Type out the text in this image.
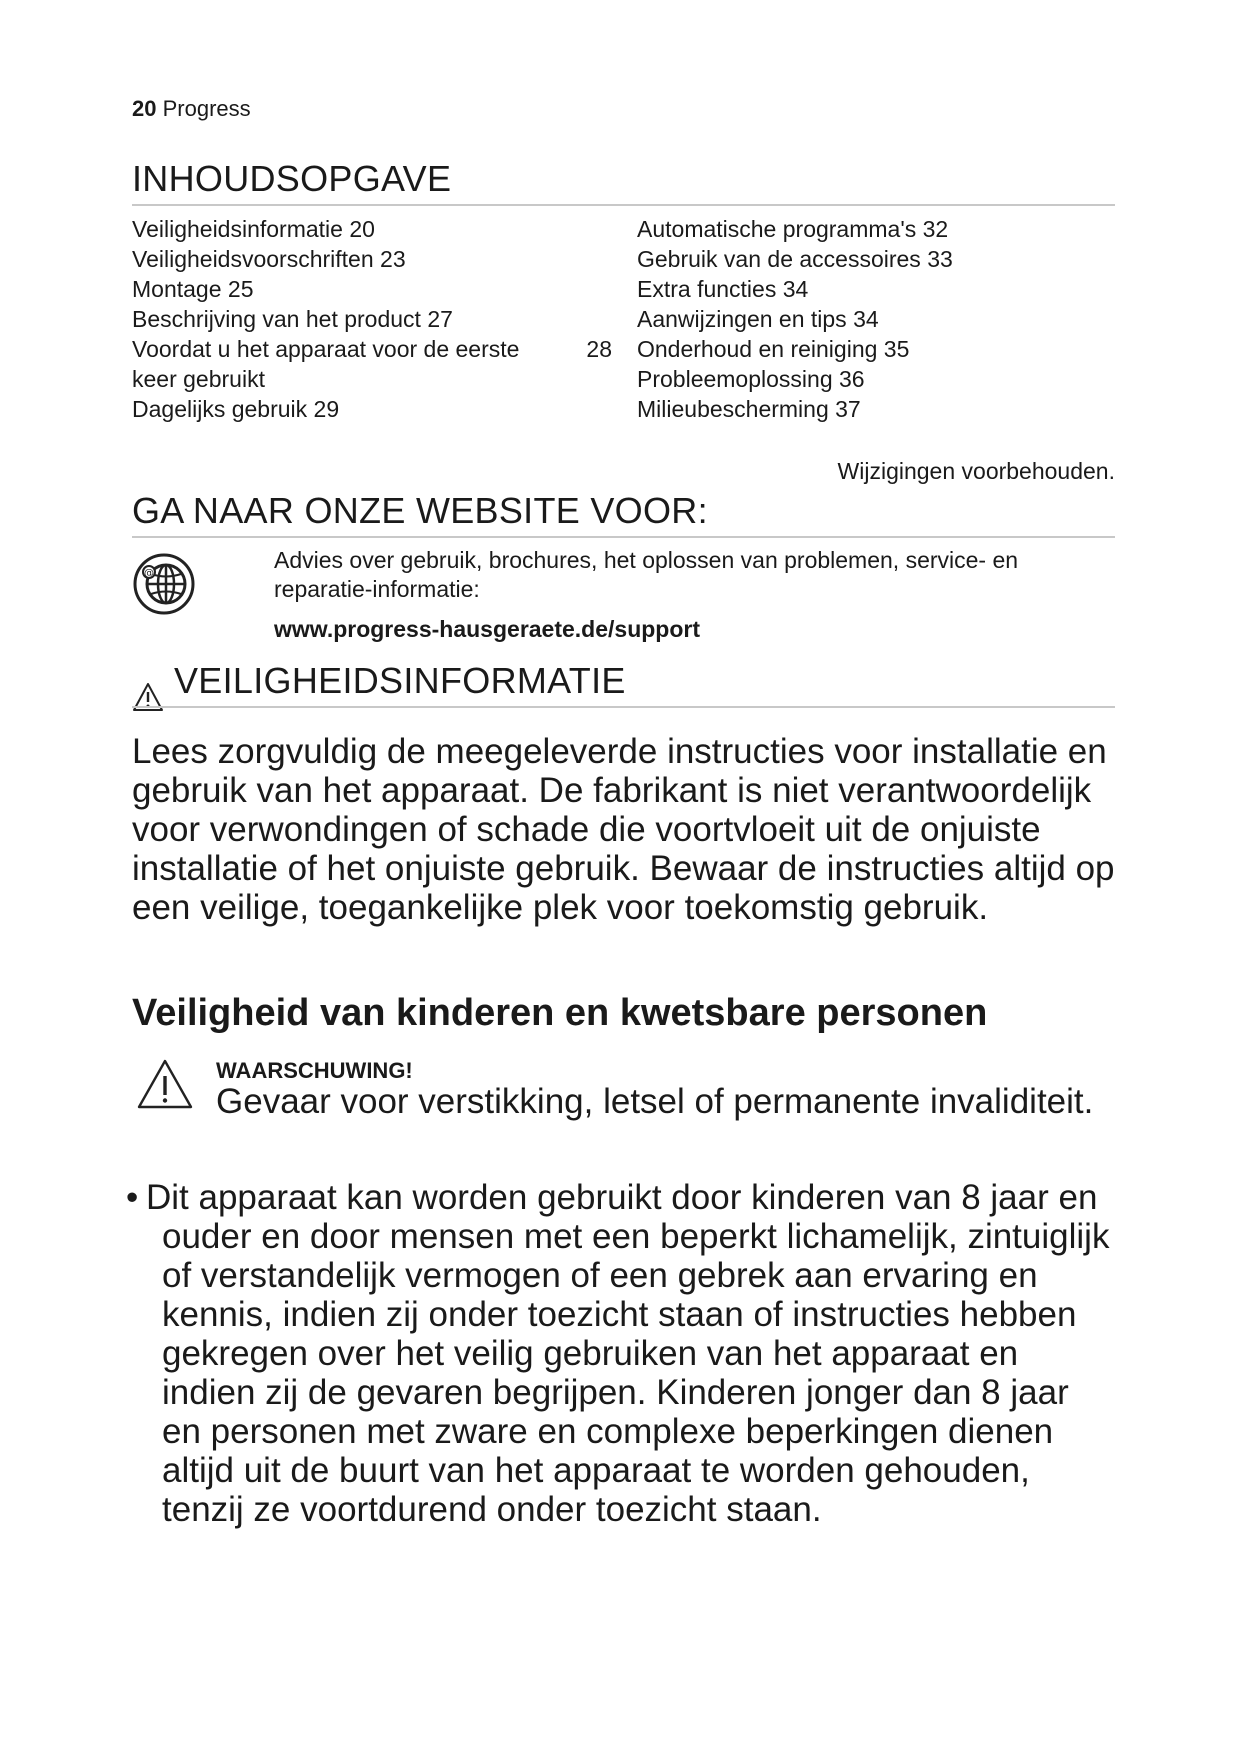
20 Progress
INHOUDSOPGAVE
Veiligheidsinformatie 20
Veiligheidsvoorschriften 23
Montage 25
Beschrijving van het product 27
Voordat u het apparaat voor de eerste keer gebruikt
28
Dagelijks gebruik 29
Automatische programma's 32
Gebruik van de accessoires 33
Extra functies 34
Aanwijzingen en tips 34
Onderhoud en reiniging 35
Probleemoplossing 36
Milieubescherming 37
Wijzigingen voorbehouden.
GA NAAR ONZE WEBSITE VOOR:
@
Advies over gebruik, brochures, het oplossen van problemen, service- en reparatie-informatie:
www.progress-hausgeraete.de/support
VEILIGHEIDSINFORMATIE
Lees zorgvuldig de meegeleverde instructies voor installatie en gebruik van het apparaat. De fabrikant is niet verantwoordelijk voor verwondingen of schade die voortvloeit uit de onjuiste installatie of het onjuiste gebruik. Bewaar de instructies altijd op een veilige, toegankelijke plek voor toekomstig gebruik.
Veiligheid van kinderen en kwetsbare personen
WAARSCHUWING!
Gevaar voor verstikking, letsel of permanente invaliditeit.
• Dit apparaat kan worden gebruikt door kinderen van 8 jaar en ouder en door mensen met een beperkt lichamelijk, zintuiglijk of verstandelijk vermogen of een gebrek aan ervaring en kennis, indien zij onder toezicht staan of instructies hebben gekregen over het veilig gebruiken van het apparaat en indien zij de gevaren begrijpen. Kinderen jonger dan 8 jaar en personen met zware en complexe beperkingen dienen altijd uit de buurt van het apparaat te worden gehouden, tenzij ze voortdurend onder toezicht staan.
